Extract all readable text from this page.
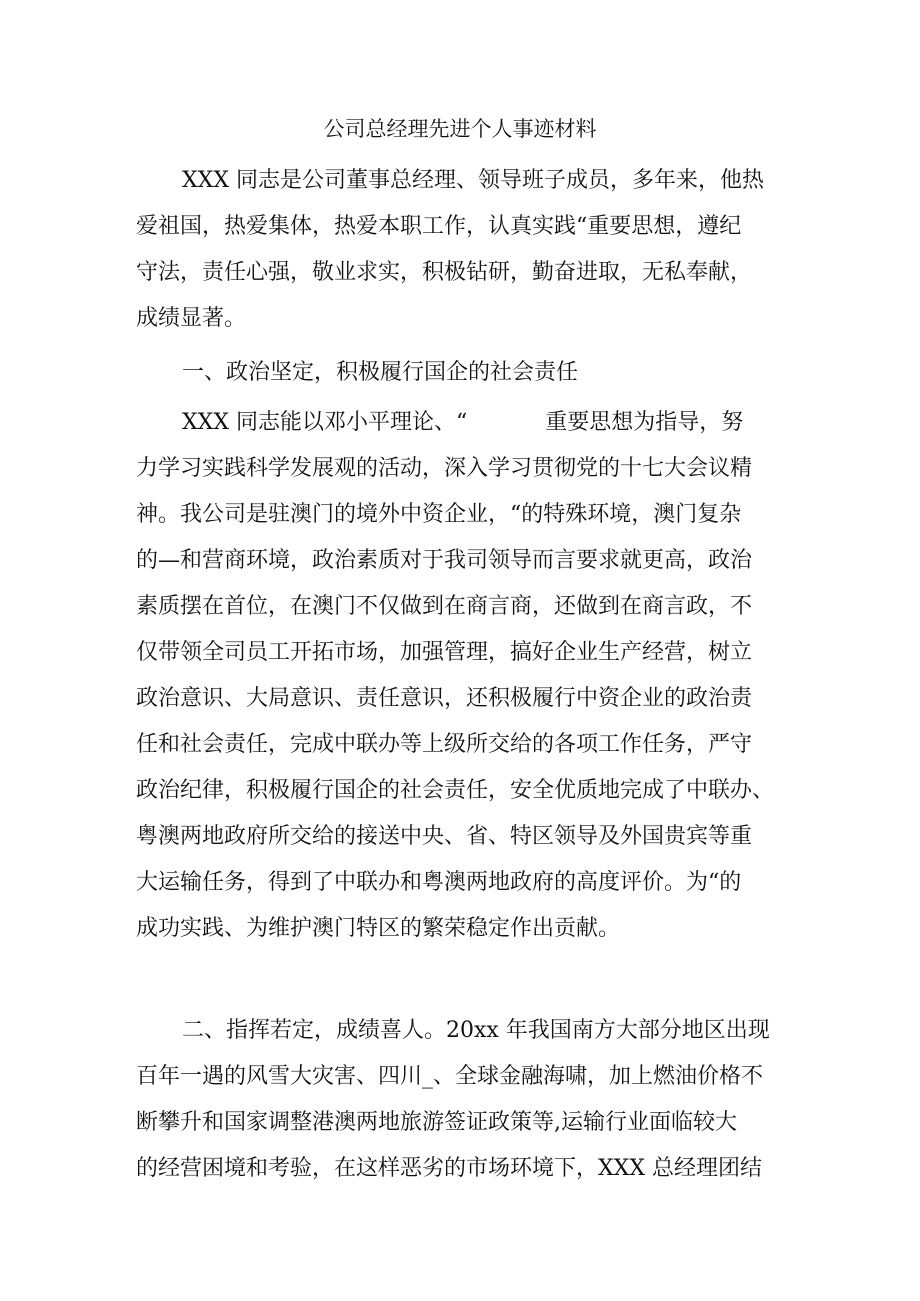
公司总经理先进个人事迹材料
XXX 同志是公司董事总经理、领导班子成员，多年来，他热
爱祖国，热爱集体，热爱本职工作，认真实践“重要思想，遵纪
守法，责任心强，敬业求实，积极钻研，勤奋进取，无私奉献，
成绩显著。
一、政治坚定，积极履行国企的社会责任
XXX 同志能以邓小平理论、“	重要思想为指导，努
力学习实践科学发展观的活动，深入学习贯彻党的十七大会议精
神。我公司是驻澳门的境外中资企业，“的特殊环境，澳门复杂
的—和营商环境，政治素质对于我司领导而言要求就更高，政治
素质摆在首位，在澳门不仅做到在商言商，还做到在商言政，不
仅带领全司员工开拓市场，加强管理，搞好企业生产经营，树立
政治意识、大局意识、责任意识，还积极履行中资企业的政治责
任和社会责任，完成中联办等上级所交给的各项工作任务，严守
政治纪律，积极履行国企的社会责任，安全优质地完成了中联办、
粤澳两地政府所交给的接送中央、省、特区领导及外国贵宾等重
大运输任务，得到了中联办和粤澳两地政府的高度评价。为“的
成功实践、为维护澳门特区的繁荣稳定作出贡献。
二、指挥若定，成绩喜人。20xx 年我国南方大部分地区出现
百年一遇的风雪大灾害、四川_、全球金融海啸，加上燃油价格不
断攀升和国家调整港澳两地旅游签证政策等,运输行业面临较大
的经营困境和考验，在这样恶劣的市场环境下，XXX 总经理团结
